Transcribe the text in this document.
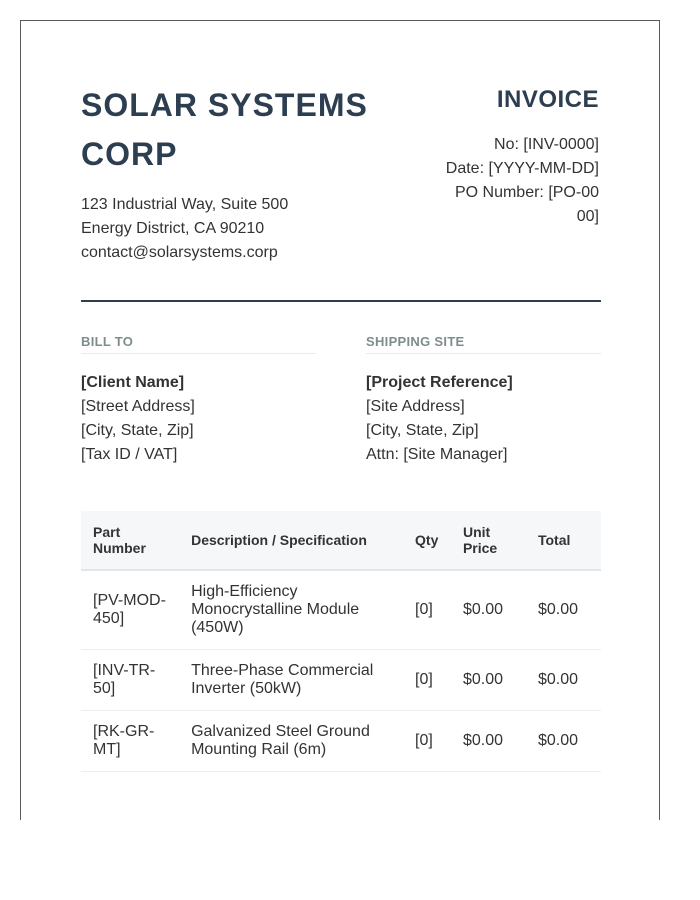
SOLAR SYSTEMS CORP
123 Industrial Way, Suite 500
Energy District, CA 90210
contact@solarsystems.corp
INVOICE
No: [INV-0000]
Date: [YYYY-MM-DD]
PO Number: [PO-0000]
BILL TO
[Client Name]
[Street Address]
[City, State, Zip]
[Tax ID / VAT]
SHIPPING SITE
[Project Reference]
[Site Address]
[City, State, Zip]
Attn: [Site Manager]
Part Number	Description / Specification	Qty	Unit Price	Total
[PV-MOD-450]	High-Efficiency Monocrystalline Module (450W)	[0]	$0.00	$0.00
[INV-TR-50]	Three-Phase Commercial Inverter (50kW)	[0]	$0.00	$0.00
[RK-GR-MT]	Galvanized Steel Ground Mounting Rail (6m)	[0]	$0.00	$0.00
